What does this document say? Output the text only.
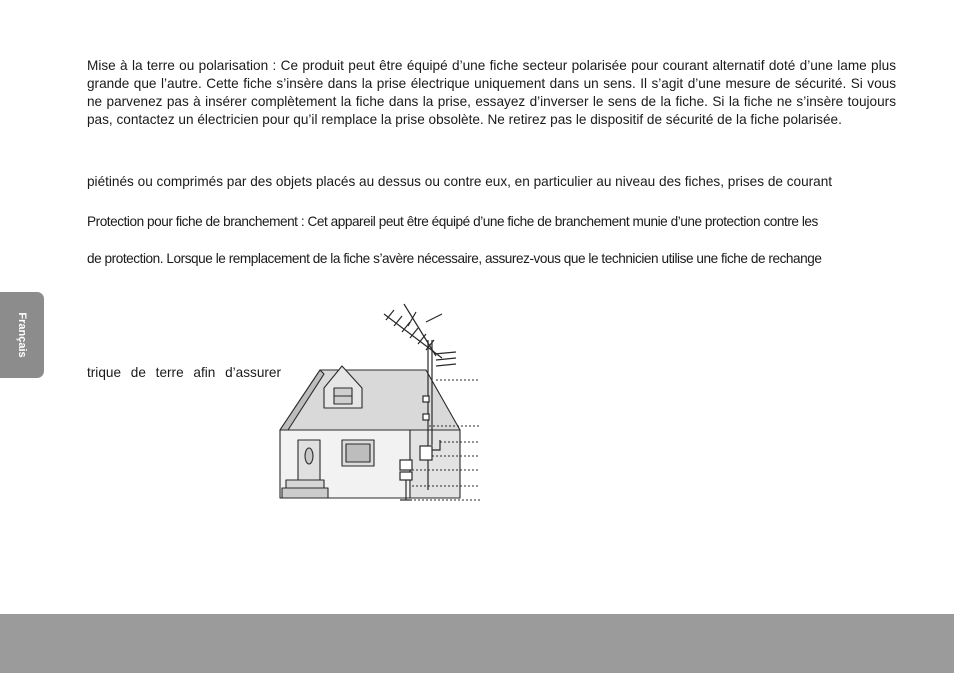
Mise à la terre ou polarisation : Ce produit peut être équipé d’une fiche secteur polarisée pour courant alternatif doté d’une lame plus grande que l’autre. Cette fiche s’insère dans la prise électrique uniquement dans un sens. Il s’agit d’une mesure de sécurité. Si vous ne parvenez pas à insérer complètement la fiche dans la prise, essayez d’inverser le sens de la fiche. Si la fiche ne s’insère toujours pas, contactez un électricien pour qu’il remplace la prise obsolète. Ne retirez pas le dispositif de sécurité de la fiche polarisée.

piétinés ou comprimés par des objets placés au dessus ou contre eux, en particulier au niveau des fiches, prises de courant

Protection pour fiche de branchement : Cet appareil peut être équipé d’une fiche de branchement munie d’une protection contre les

de protection. Lorsque le remplacement de la fiche s’avère nécessaire, assurez-vous que le technicien utilise une fiche de rechange

trique de terre afin d’assurer

Français
